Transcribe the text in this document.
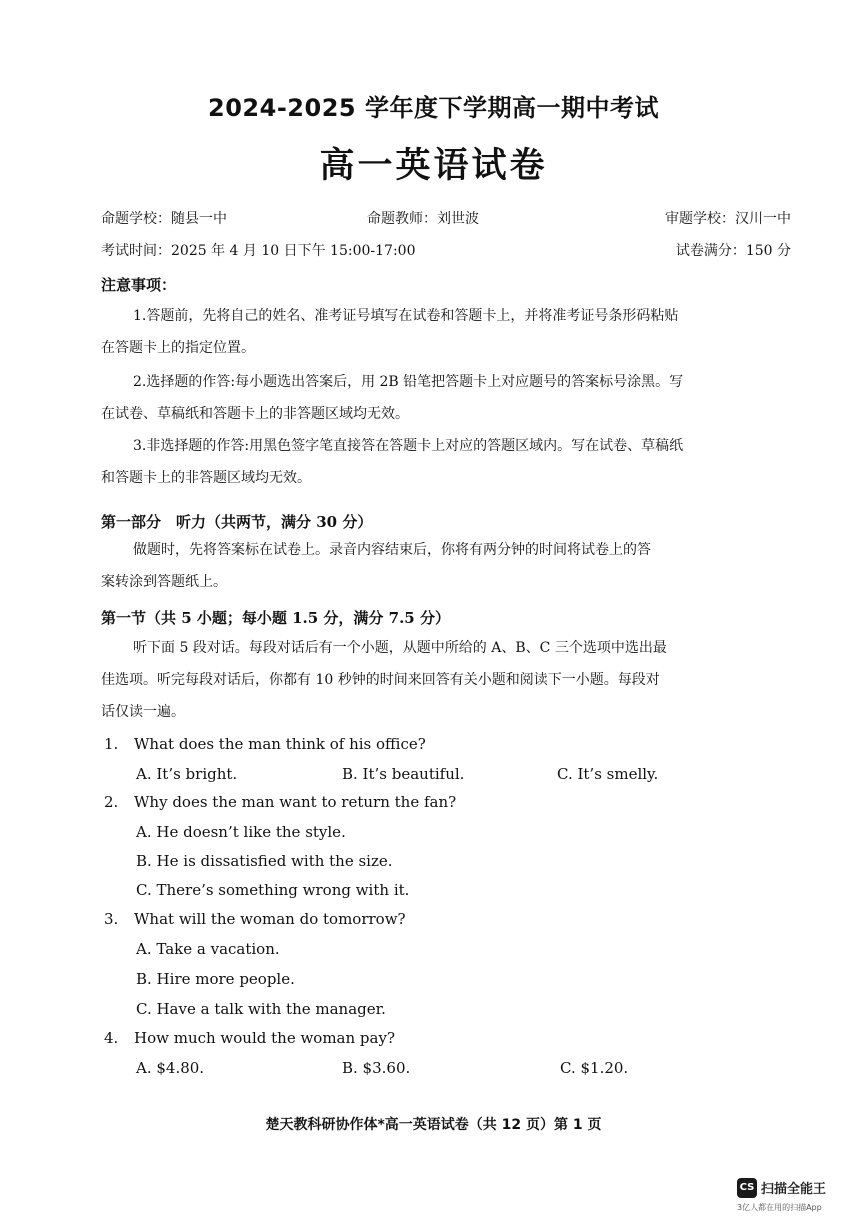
2024-2025 学年度下学期高一期中考试
高一英语试卷
命题学校：随县一中	命题教师：刘世波	审题学校：汉川一中
考试时间：2025 年 4 月 10 日下午 15:00-17:00	试卷满分：150 分
注意事项：
1.答题前，先将自己的姓名、准考证号填写在试卷和答题卡上，并将准考证号条形码粘贴
在答题卡上的指定位置。
2.选择题的作答:每小题选出答案后，用 2B 铅笔把答题卡上对应题号的答案标号涂黑。写
在试卷、草稿纸和答题卡上的非答题区域均无效。
3.非选择题的作答:用黑色签字笔直接答在答题卡上对应的答题区域内。写在试卷、草稿纸
和答题卡上的非答题区域均无效。
第一部分　听力（共两节，满分 30 分）
做题时，先将答案标在试卷上。录音内容结束后，你将有两分钟的时间将试卷上的答
案转涂到答题纸上。
第一节（共 5 小题；每小题 1.5 分，满分 7.5 分）
听下面 5 段对话。每段对话后有一个小题，从题中所给的 A、B、C 三个选项中选出最
佳选项。听完每段对话后，你都有 10 秒钟的时间来回答有关小题和阅读下一小题。每段对
话仅读一遍。
1. What does the man think of his office?
A. It’s bright.	B. It’s beautiful.	C. It’s smelly.
2. Why does the man want to return the fan?
A. He doesn’t like the style.
B. He is dissatisfied with the size.
C. There’s something wrong with it.
3. What will the woman do tomorrow?
A. Take a vacation.
B. Hire more people.
C. Have a talk with the manager.
4. How much would the woman pay?
A. $4.80.	B. $3.60.	C. $1.20.
楚天教科研协作体*高一英语试卷（共 12 页）第 1 页
CS 扫描全能王
3亿人都在用的扫描App
